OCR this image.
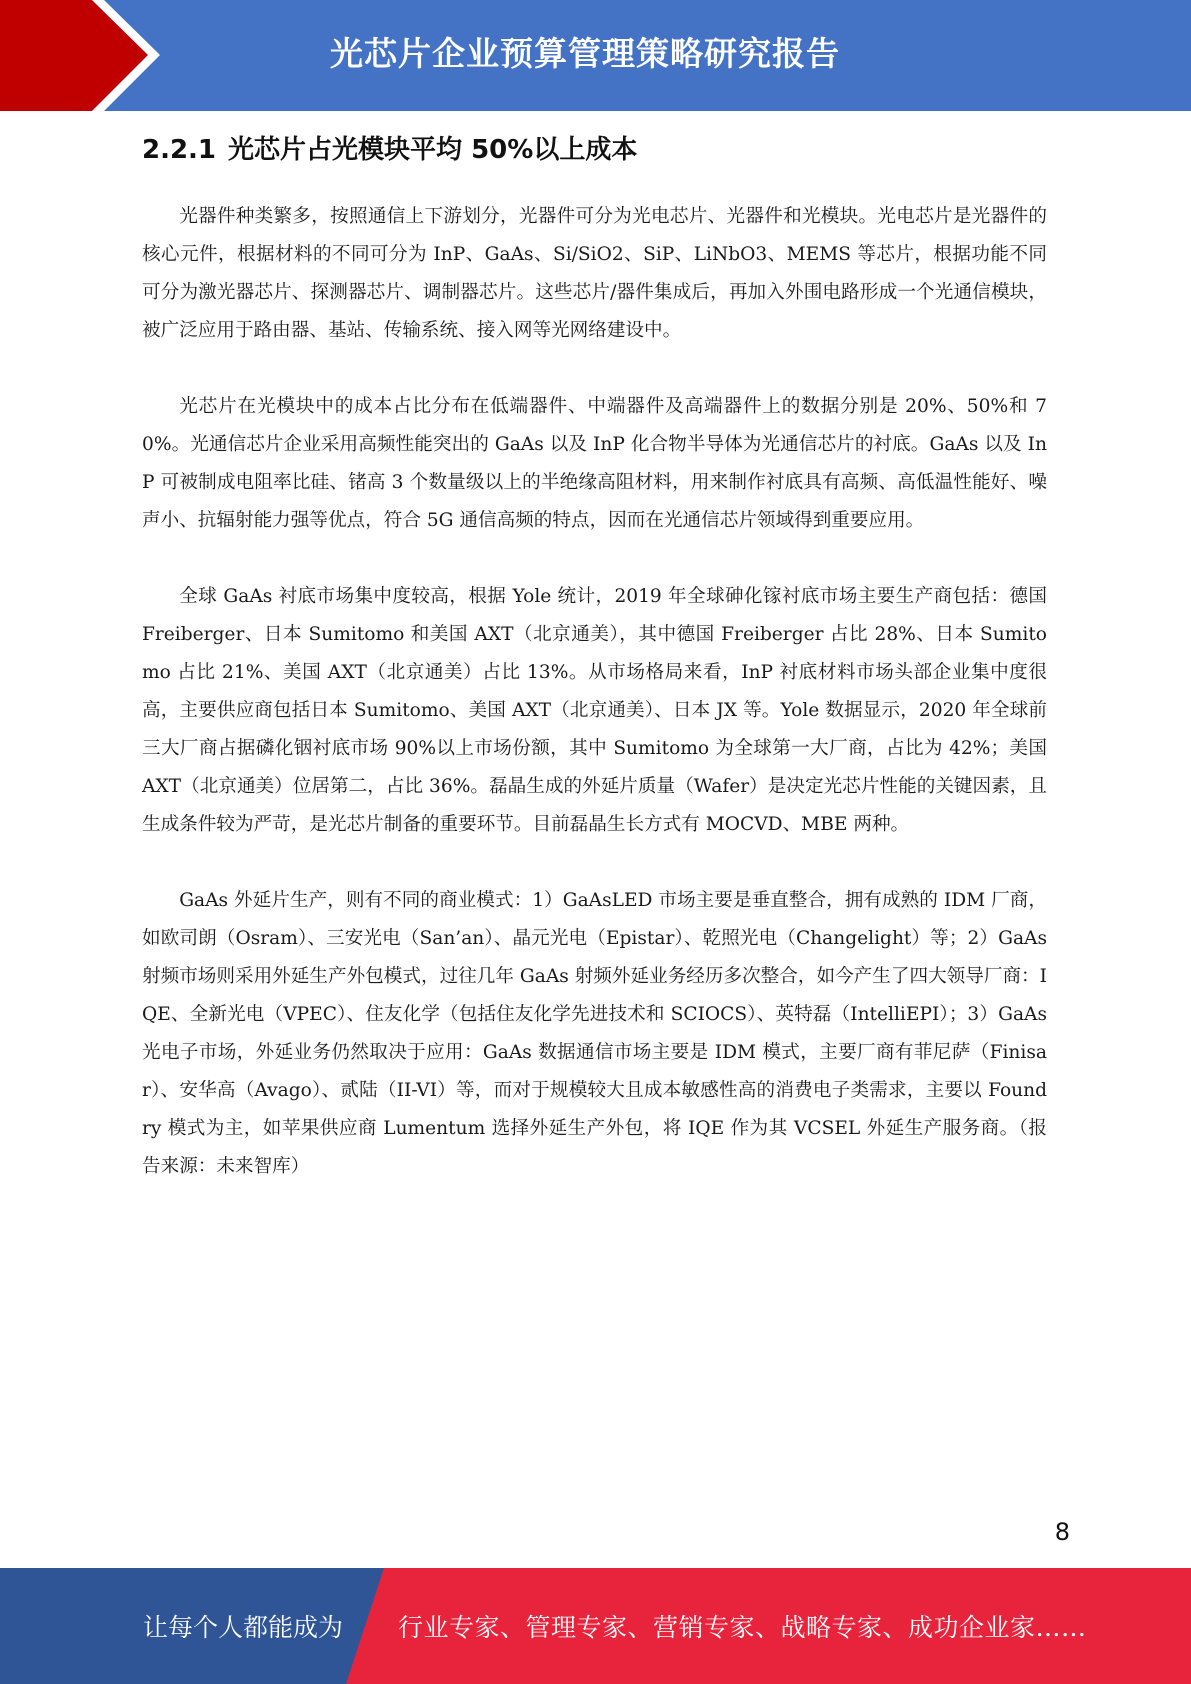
光芯片企业预算管理策略研究报告
2.2.1 光芯片占光模块平均 50%以上成本

光器件种类繁多，按照通信上下游划分，光器件可分为光电芯片、光器件和光模块。光电芯片是光器件的核心元件，根据材料的不同可分为 InP、GaAs、Si/SiO2、SiP、LiNbO3、MEMS 等芯片，根据功能不同可分为激光器芯片、探测器芯片、调制器芯片。这些芯片/器件集成后，再加入外围电路形成一个光通信模块，被广泛应用于路由器、基站、传输系统、接入网等光网络建设中。

光芯片在光模块中的成本占比分布在低端器件、中端器件及高端器件上的数据分别是 20%、50%和 70%。光通信芯片企业采用高频性能突出的 GaAs 以及 InP 化合物半导体为光通信芯片的衬底。GaAs 以及 InP 可被制成电阻率比硅、锗高 3 个数量级以上的半绝缘高阻材料，用来制作衬底具有高频、高低温性能好、噪声小、抗辐射能力强等优点，符合 5G 通信高频的特点，因而在光通信芯片领域得到重要应用。

全球 GaAs 衬底市场集中度较高，根据 Yole 统计，2019 年全球砷化镓衬底市场主要生产商包括：德国 Freiberger、日本 Sumitomo 和美国 AXT（北京通美），其中德国 Freiberger 占比 28%、日本 Sumitomo 占比 21%、美国 AXT（北京通美）占比 13%。从市场格局来看，InP 衬底材料市场头部企业集中度很高，主要供应商包括日本 Sumitomo、美国 AXT（北京通美）、日本 JX 等。Yole 数据显示，2020 年全球前三大厂商占据磷化铟衬底市场 90%以上市场份额，其中 Sumitomo 为全球第一大厂商，占比为 42%；美国 AXT（北京通美）位居第二，占比 36%。磊晶生成的外延片质量（Wafer）是决定光芯片性能的关键因素，且生成条件较为严苛，是光芯片制备的重要环节。目前磊晶生长方式有 MOCVD、MBE 两种。

GaAs 外延片生产，则有不同的商业模式：1）GaAsLED 市场主要是垂直整合，拥有成熟的 IDM 厂商，如欧司朗（Osram）、三安光电（San’an）、晶元光电（Epistar）、乾照光电（Changelight）等；2）GaAs 射频市场则采用外延生产外包模式，过往几年 GaAs 射频外延业务经历多次整合，如今产生了四大领导厂商：IQE、全新光电（VPEC）、住友化学（包括住友化学先进技术和 SCIOCS）、英特磊（IntelliEPI）；3）GaAs 光电子市场，外延业务仍然取决于应用：GaAs 数据通信市场主要是 IDM 模式，主要厂商有菲尼萨（Finisar）、安华高（Avago）、贰陆（II-VI）等，而对于规模较大且成本敏感性高的消费电子类需求，主要以 Foundry 模式为主，如苹果供应商 Lumentum 选择外延生产外包，将 IQE 作为其 VCSEL 外延生产服务商。（报告来源：未来智库）

8
让每个人都能成为 行业专家、管理专家、营销专家、战略专家、成功企业家……
